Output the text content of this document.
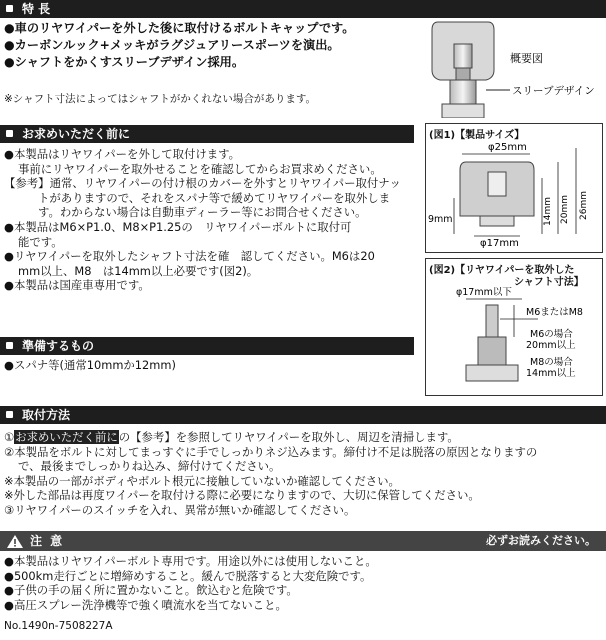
特 長
●車のリヤワイパーを外した後に取付けるボルトキャップです。
●カーボンルック+メッキがラグジュアリースポーツを演出。
●シャフトをかくすスリーブデザイン採用。
※シャフト寸法によってはシャフトがかくれない場合があります。
概要図
スリーブデザイン
お求めいただく前に
●本製品はリヤワイパーを外して取付けます。
事前にリヤワイパーを取外せることを確認してからお買求めください。
【参考】通常、リヤワイパーの付け根のカバーを外すとリヤワイパー取付ナッ
トがありますので、それをスパナ等で緩めてリヤワイパーを取外しま
す。わからない場合は自動車ディーラー等にお問合せください。
●本製品はM6×P1.0、M8×P1.25の　リヤワイパーボルトに取付可
能です。
●リヤワイパーを取外したシャフト寸法を確　認してください。M6は20
mm以上、M8　は14mm以上必要です(図2)。
●本製品は国産車専用です。
(図1)【製品サイズ】
φ25mm
φ17mm
9mm	14mm 20mm 26mm
(図2)【リヤワイパーを取外した
シャフト寸法】
φ17mm以下
M6またはM8
M6の場合
20mm以上
M8の場合
14mm以上
準備するもの
●スパナ等(通常10mmか12mm)
取付方法
①お求めいただく前にの【参考】を参照してリヤワイパーを取外し、周辺を清掃します。
②本製品をボルトに対してまっすぐに手でしっかりネジ込みます。締付け不足は脱落の原因となりますの
で、最後までしっかりね込み、締付けてください。
※本製品の一部がボディやボルト根元に接触していないか確認してください。
※外した部品は再度ワイパーを取付ける際に必要になりますので、大切に保管してください。
③リヤワイパーのスイッチを入れ、異常が無いか確認してください。
注 意	必ずお読みください。
●本製品はリヤワイパーボルト専用です。用途以外には使用しないこと。
●500km走行ごとに増締めすること。緩んで脱落すると大変危険です。
●子供の手の届く所に置かないこと。飲込むと危険です。
●高圧スプレー洗浄機等で強く噴流水を当てないこと。
No.1490n-7508227A
